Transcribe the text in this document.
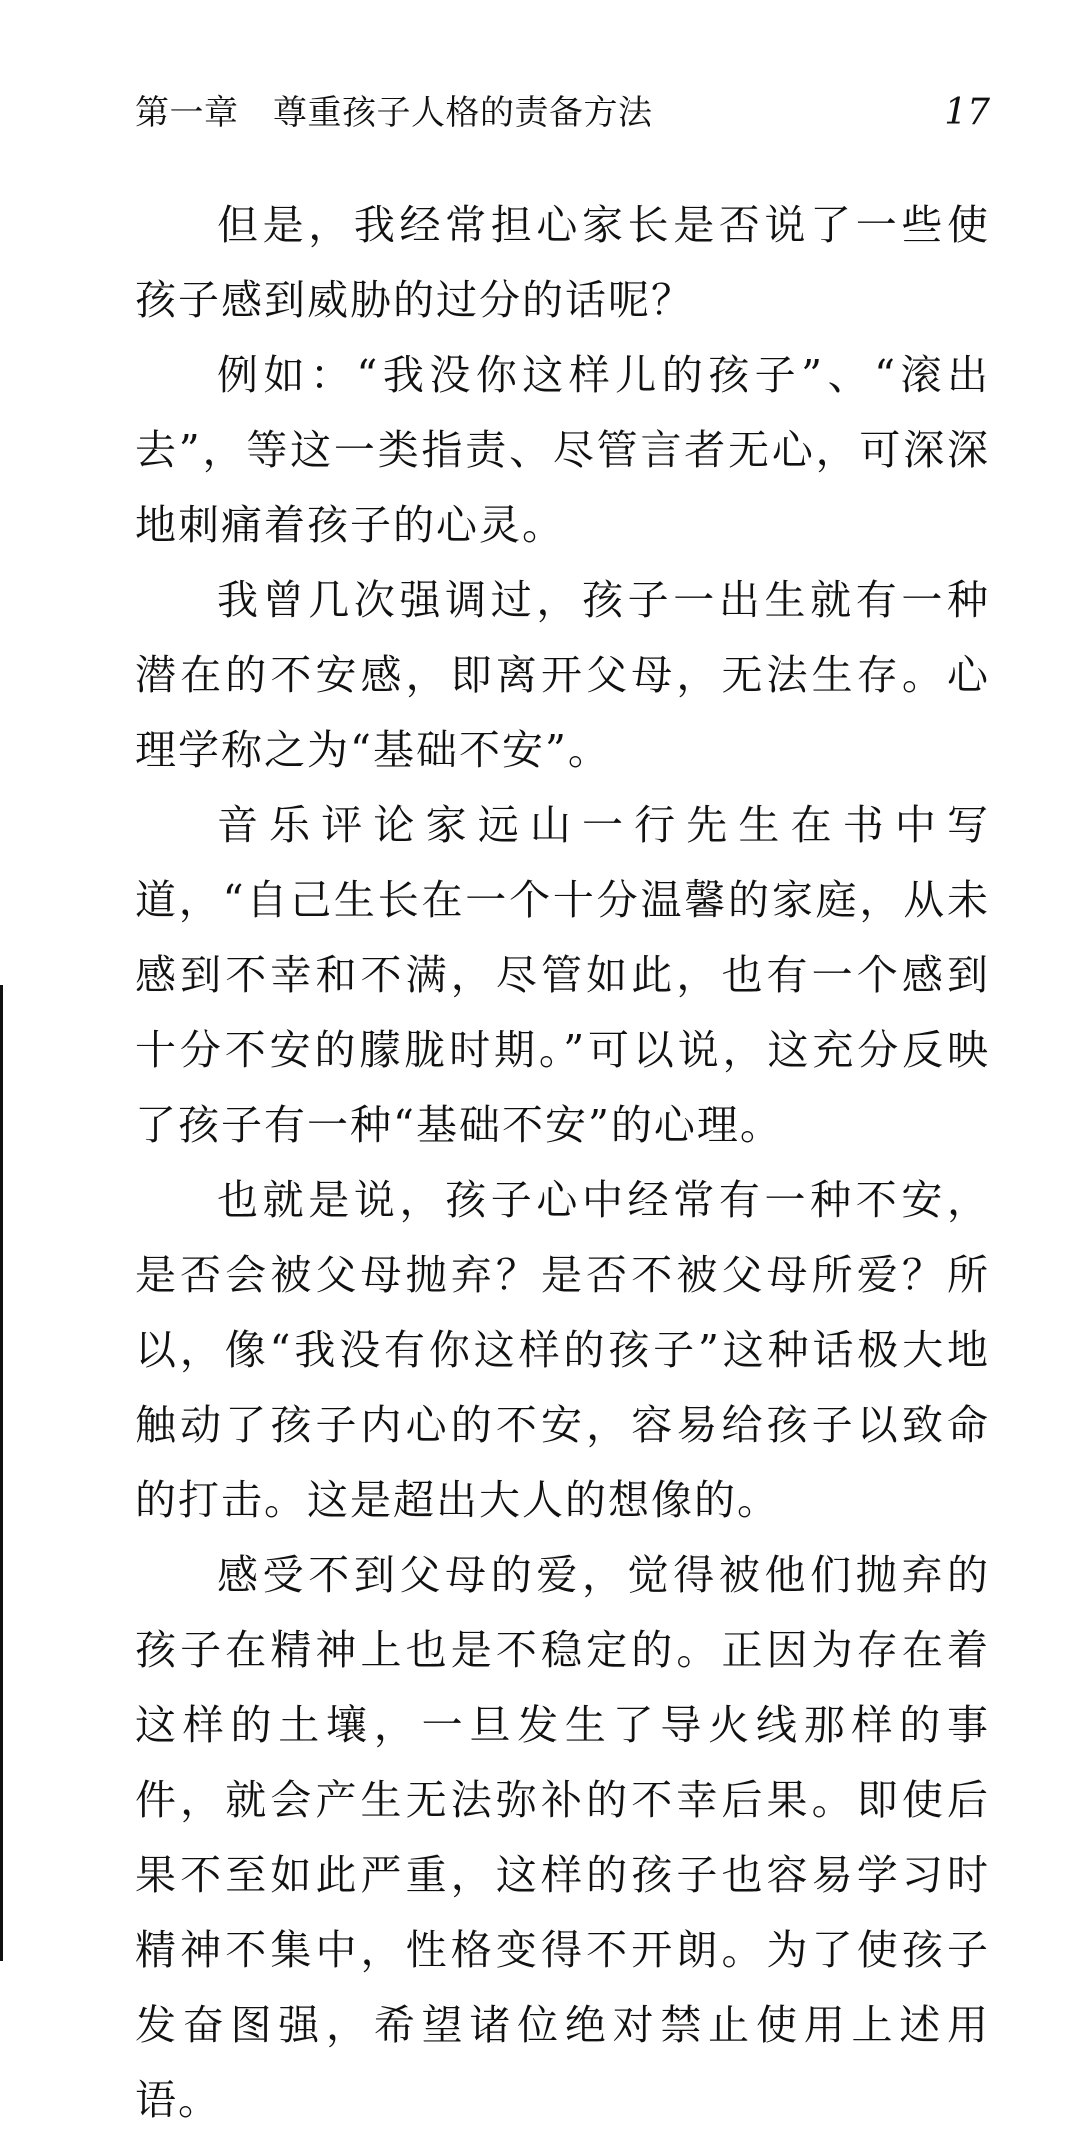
第一章　尊重孩子人格的责备方法	17

但是，我经常担心家长是否说了一些使孩子感到威胁的过分的话呢？

例如：“我没你这样儿的孩子”、“滚出去”，等这一类指责、尽管言者无心，可深深地刺痛着孩子的心灵。

我曾几次强调过，孩子一出生就有一种潜在的不安感，即离开父母，无法生存。心理学称之为“基础不安”。

音乐评论家远山一行先生在书中写道，“自己生长在一个十分温馨的家庭，从未感到不幸和不满，尽管如此，也有一个感到十分不安的朦胧时期。”可以说，这充分反映了孩子有一种“基础不安”的心理。

也就是说，孩子心中经常有一种不安，是否会被父母抛弃？是否不被父母所爱？所以，像“我没有你这样的孩子”这种话极大地触动了孩子内心的不安，容易给孩子以致命的打击。这是超出大人的想像的。

感受不到父母的爱，觉得被他们抛弃的孩子在精神上也是不稳定的。正因为存在着这样的土壤，一旦发生了导火线那样的事件，就会产生无法弥补的不幸后果。即使后果不至如此严重，这样的孩子也容易学习时精神不集中，性格变得不开朗。为了使孩子发奋图强，希望诸位绝对禁止使用上述用语。
